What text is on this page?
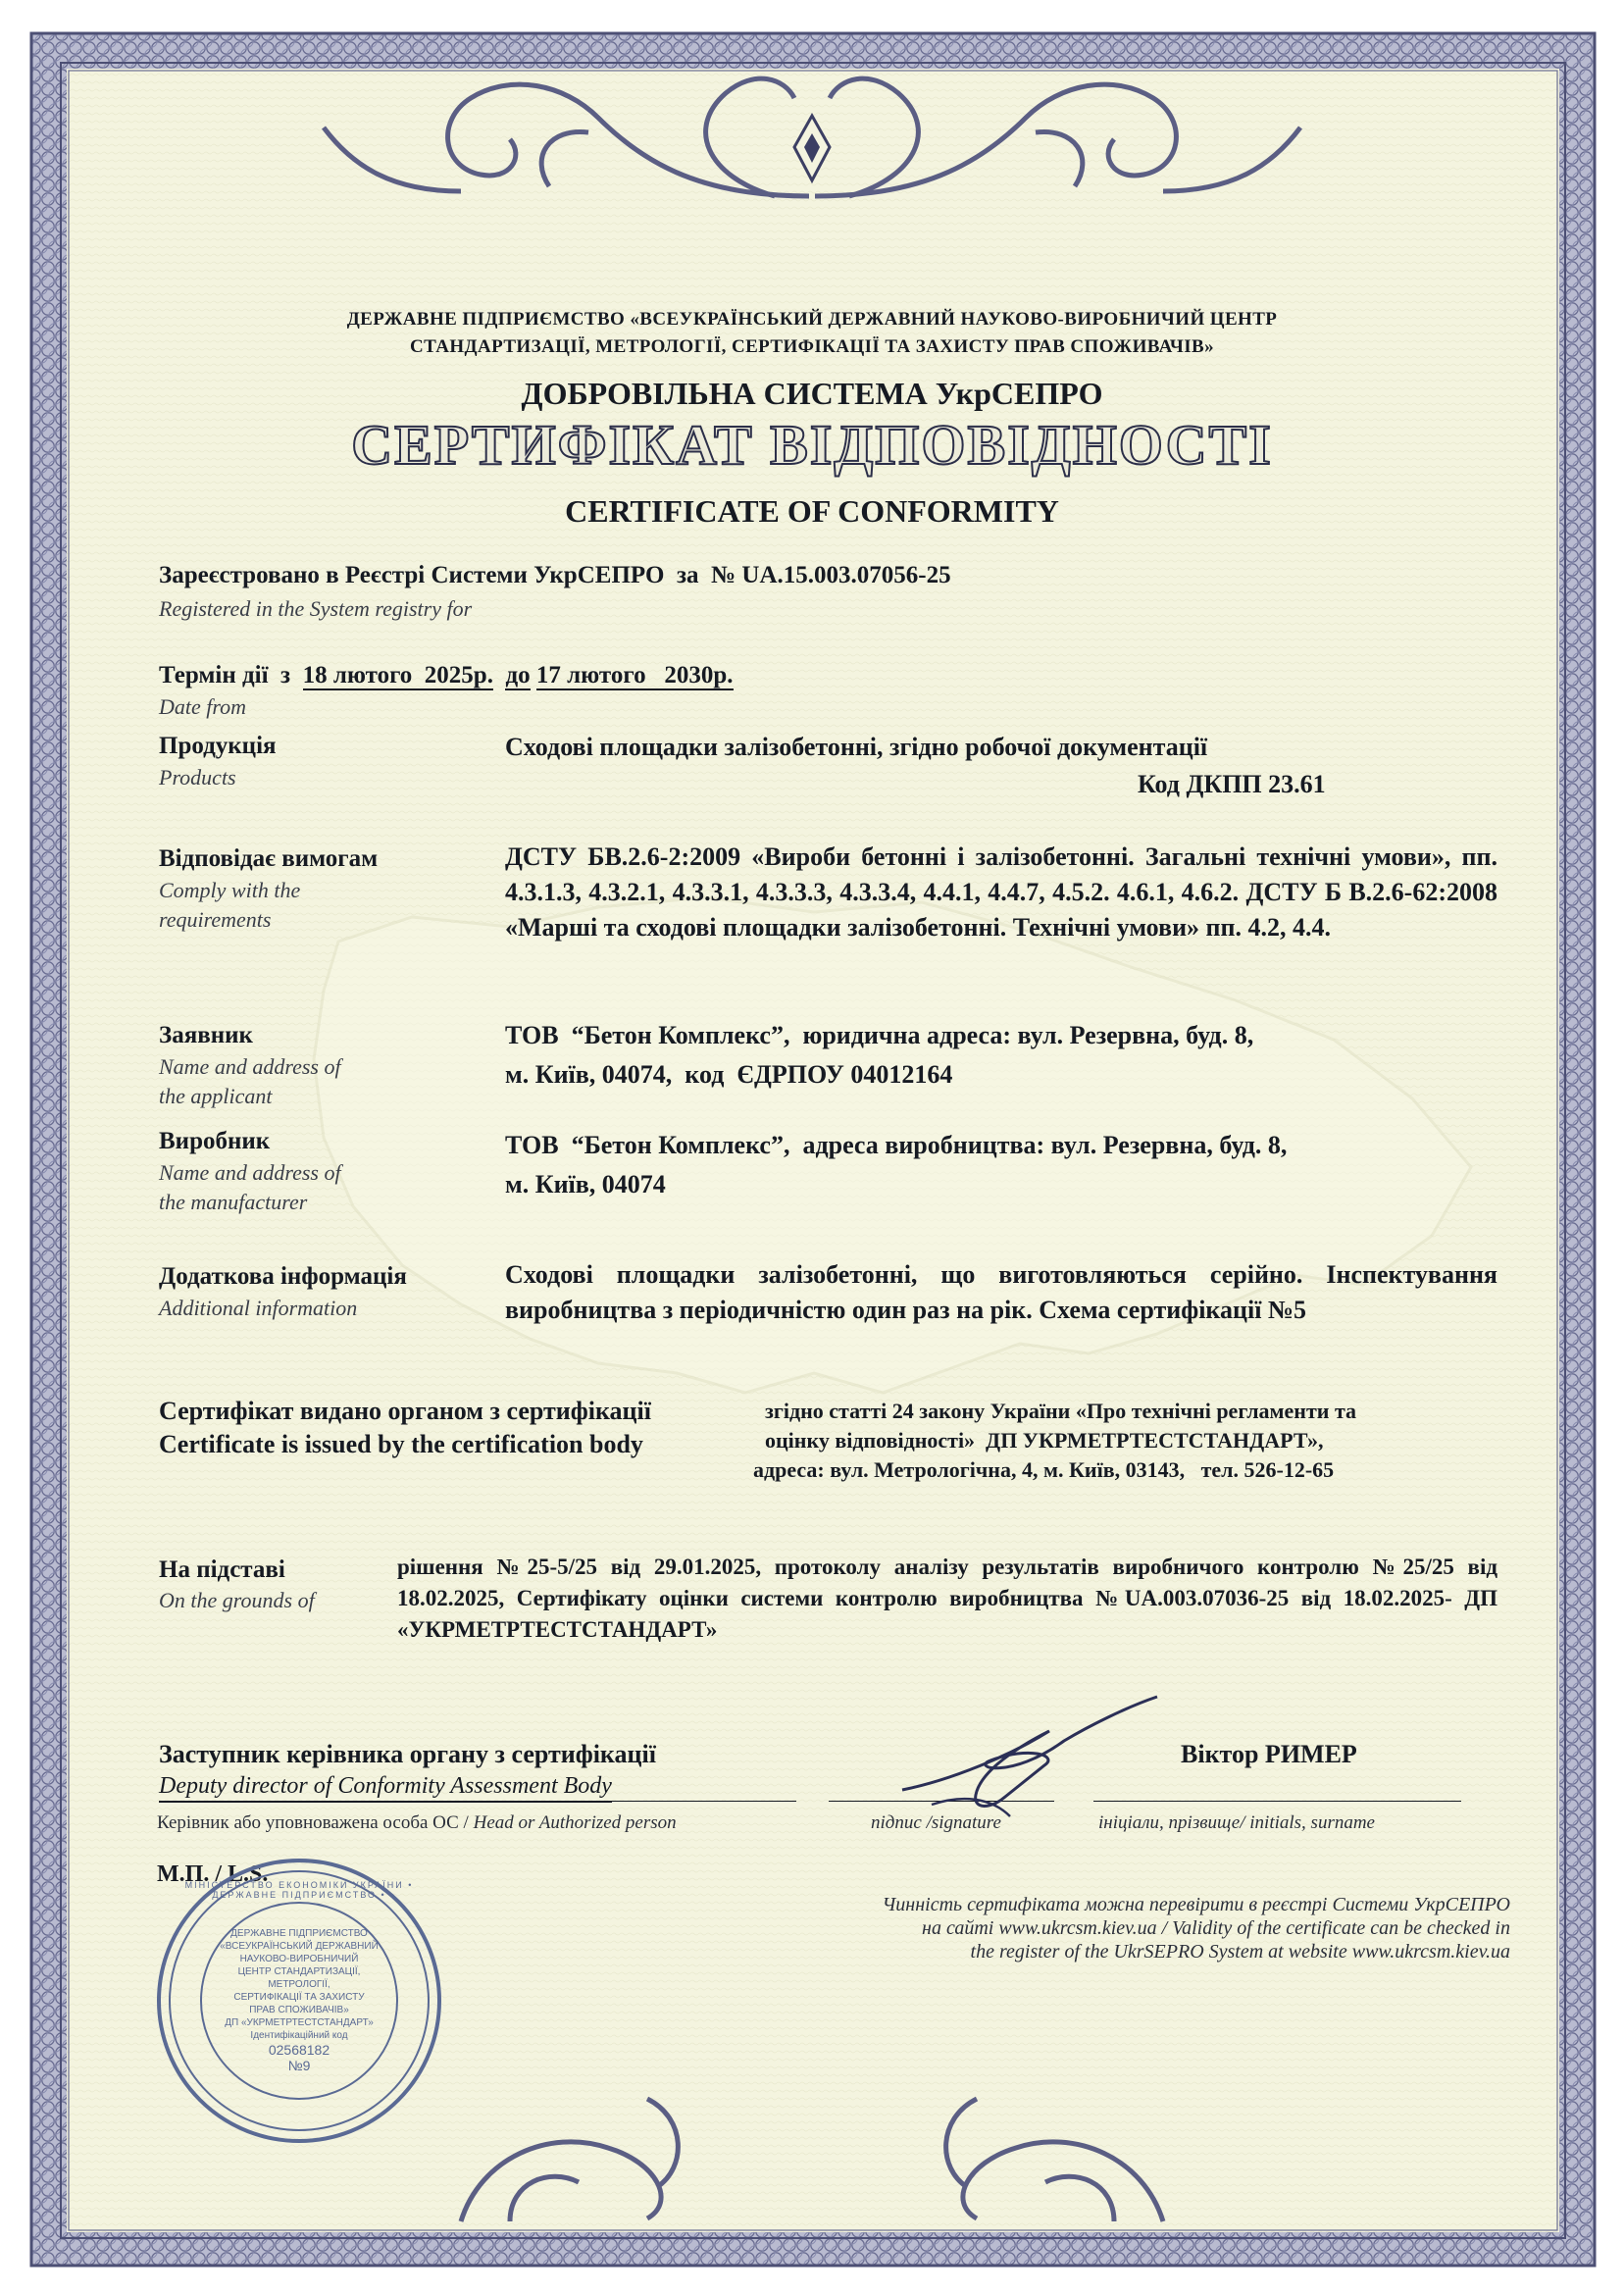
ДЕРЖАВНЕ ПІДПРИЄМСТВО «ВСЕУКРАЇНСЬКИЙ ДЕРЖАВНИЙ НАУКОВО-ВИРОБНИЧИЙ ЦЕНТР
СТАНДАРТИЗАЦІЇ, МЕТРОЛОГІЇ, СЕРТИФІКАЦІЇ ТА ЗАХИСТУ ПРАВ СПОЖИВАЧІВ»
ДОБРОВІЛЬНА СИСТЕМА УкрСЕПРО
СЕРТИФІКАТ ВІДПОВІДНОСТІ
CERTIFICATE OF CONFORMITY
Зареєстровано в Реєстрі Системи УкрСЕПРО  за № UA.15.003.07056-25
Registered in the System registry for
Термін дії  з 18 лютого  2025р. до 17 лютого   2030р.
Date from
Продукція
Products
Сходові площадки залізобетонні, згідно робочої документації
Код ДКПП 23.61
Відповідає вимогам
Comply with the
requirements
ДСТУ БВ.2.6-2:2009 «Вироби бетонні і залізобетонні. Загальні технічні умови», пп. 4.3.1.3, 4.3.2.1, 4.3.3.1, 4.3.3.3, 4.3.3.4, 4.4.1, 4.4.7, 4.5.2. 4.6.1, 4.6.2. ДСТУ Б В.2.6-62:2008 «Марші та сходові площадки залізобетонні. Технічні умови» пп. 4.2, 4.4.
Заявник
Name and address of
the applicant
ТОВ  “Бетон Комплекс”,  юридична адреса: вул. Резервна, буд. 8,
м. Київ, 04074,  код  ЄДРПОУ 04012164
Виробник
Name and address of
the manufacturer
ТОВ  “Бетон Комплекс”,  адреса виробництва: вул. Резервна, буд. 8,
м. Київ, 04074
Додаткова інформація
Additional information
Сходові площадки залізобетонні, що виготовляються серійно. Інспектування виробництва з періодичністю один раз на рік. Схема сертифікації №5
Сертифікат видано органом з сертифікації
Certificate is issued by the certification body
згідно статті 24 закону України «Про технічні регламенти та
оцінку відповідності»  ДП УКРМЕТРТЕСТСТАНДАРТ»,
адреса: вул. Метрологічна, 4, м. Київ, 03143,   тел. 526-12-65
На підставі
On the grounds of
рішення №25-5/25 від 29.01.2025, протоколу аналізу результатів виробничого контролю №25/25 від 18.02.2025, Сертифікату оцінки системи контролю виробництва №UA.003.07036-25 від 18.02.2025- ДП «УКРМЕТРТЕСТСТАНДАРТ»
Заступник керівника органу з сертифікації
Deputy director of Conformity Assessment Body
Віктор РИМЕР
Керівник або уповноважена особа ОС / Head or Authorized person	підпис /signature	ініціали, прізвище/ initials, surname
М.П. / L.S.
МІНІСТЕРСТВО ЕКОНОМІКИ УКРАЇНИ • ДЕРЖАВНЕ ПІДПРИЄМСТВО •
ДЕРЖАВНЕ ПІДПРИЄМСТВО
«ВСЕУКРАЇНСЬКИЙ ДЕРЖАВНИЙ
НАУКОВО-ВИРОБНИЧИЙ
ЦЕНТР СТАНДАРТИЗАЦІЇ,
МЕТРОЛОГІЇ,
СЕРТИФІКАЦІЇ ТА ЗАХИСТУ
ПРАВ СПОЖИВАЧІВ»
ДП «УКРМЕТРТЕСТСТАНДАРТ»
Ідентифікаційний код
02568182
№9
Чинність сертифіката можна перевірити в реєстрі Системи УкрСЕПРО
на сайті www.ukrcsm.kiev.ua / Validity of the certificate can be checked in
the register of the UkrSEPRO System at website www.ukrcsm.kiev.ua
